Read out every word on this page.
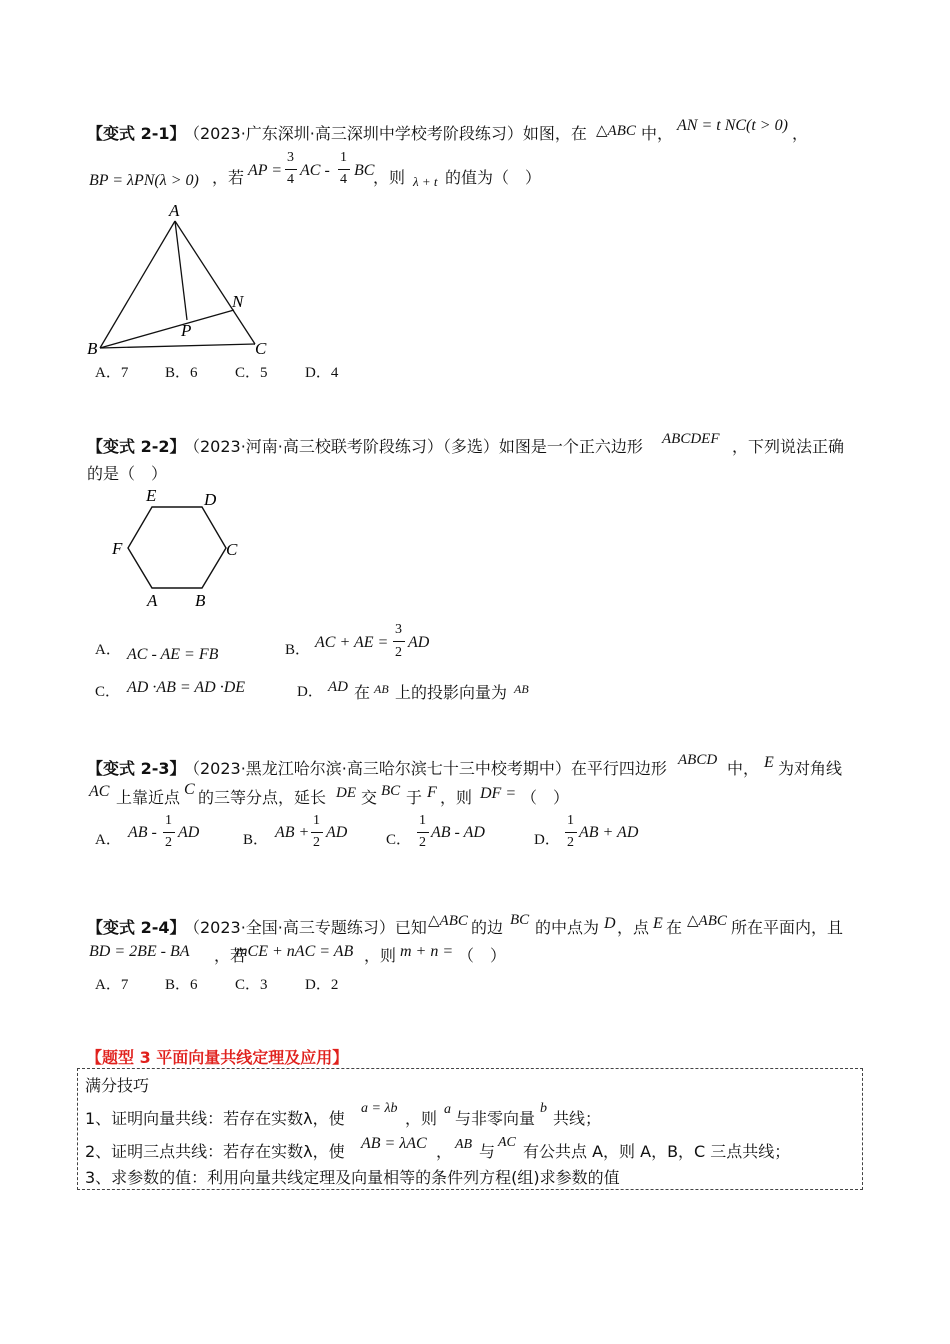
【变式 2-1】
（2023·广东深圳·高三深圳中学校考阶段练习）如图，在 △ABC 中， AN = t NC(t > 0) ，
BP = λPN(λ > 0) ，若 AP =
3
4
AC -
1
4
BC
，则 λ + t 的值为（　）
A
B	C
N
P
A．7 B．6 C．5 D．4
【变式 2-2】
（2023·河南·高三校联考阶段练习）（多选）如图是一个正六边形 ABCDEF ，下列说法正确
的是（　）
E	D
C
F
A B
A． AC - AE = FB	B． AC + AE =
3
2
AD
C． AD ·AB = AD ·DE	D． AD 在 AB 上的投影向量为 AB
【变式 2-3】
（2023·黑龙江哈尔滨·高三哈尔滨七十三中校考期中）在平行四边形 ABCD 中， E 为对角线
AC 上靠近点 C 的三等分点，延长 DE 交 BC 于 F ，则 DF = （　）
A． AB -
1
2
AD	B． AB +
1
2
AD	C．
1
2
AB - AD	D．
1
2
AB + AD
【变式 2-4】
（2023·全国·高三专题练习）已知 △ABC 的边 BC 的中点为 D ，点 E 在 △ABC 所在平面内，且
BD = 2BE - BA ，若
mCE + nAC = AB ，则 m + n = （　）
A．7 B．6 C．3 D．2
【题型 3 平面向量共线定理及应用】
满分技巧
1、证明向量共线：若存在实数λ，使
a = λb
，则 a 与非零向量
b
共线；
2、证明三点共线：若存在实数λ，使 AB = λAC ， AB 与 AC 有公共点 A，则 A，B，C 三点共线；
3、求参数的值：利用向量共线定理及向量相等的条件列方程(组)求参数的值
